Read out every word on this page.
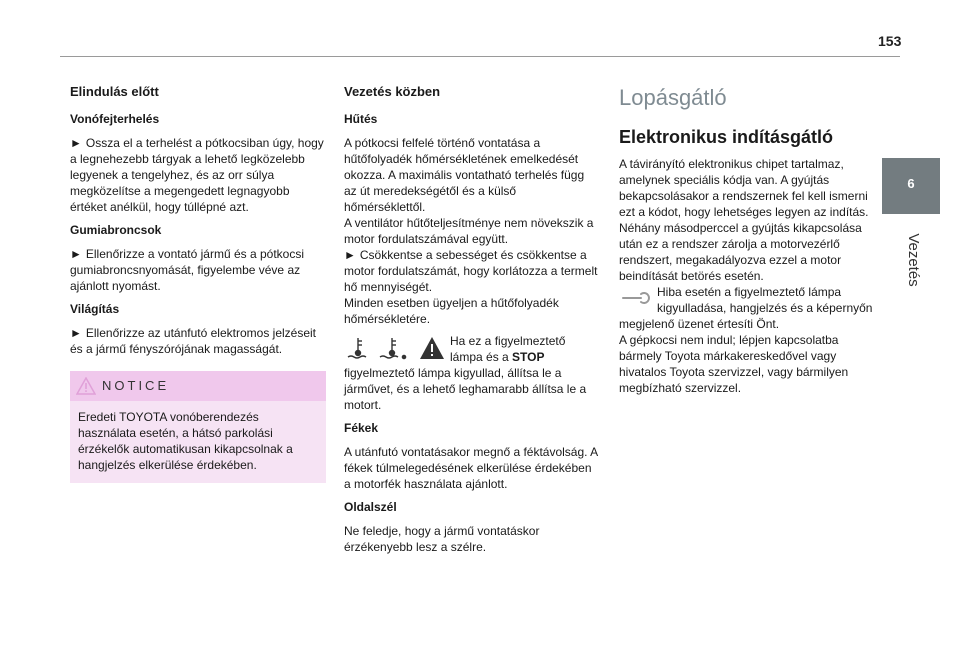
153
6
Vezetés
Elindulás előtt
Vonófejterhelés

► Ossza el a terhelést a pótkocsiban úgy, hogy a legnehezebb tárgyak a lehető legközelebb legyenek a tengelyhez, és az orr súlya megközelítse a megengedett legnagyobb értéket anélkül, hogy túllépné azt.

Gumiabroncsok

► Ellenőrizze a vontató jármű és a pótkocsi gumiabroncsnyomását, figyelembe véve az ajánlott nyomást.

Világítás

► Ellenőrizze az utánfutó elektromos jelzéseit és a jármű fényszórójának magasságát.

NOTICE
Eredeti TOYOTA vonóberendezés használata esetén, a hátsó parkolási érzékelők automatikusan kikapcsolnak a hangjelzés elkerülése érdekében.
Vezetés közben
Hűtés
A pótkocsi felfelé történő vontatása a hűtőfolyadék hőmérsékletének emelkedését okozza. A maximális vontatható terhelés függ az út meredekségétől és a külső hőmérséklettől.
A ventilátor hűtőteljesítménye nem növekszik a motor fordulatszámával együtt.
► Csökkentse a sebességet és csökkentse a motor fordulatszámát, hogy korlátozza a termelt hő mennyiségét.
Minden esetben ügyeljen a hűtőfolyadék hőmérsékletére.
Ha ez a figyelmeztető lámpa és a STOP figyelmeztető lámpa kigyullad, állítsa le a járművet, és a lehető leghamarabb állítsa le a motort.
Fékek

A utánfutó vontatásakor megnő a féktávolság. A fékek túlmelegedésének elkerülése érdekében a motorfék használata ajánlott.

Oldalszél

Ne feledje, hogy a jármű vontatáskor érzékenyebb lesz a szélre.

Lopásgátló
Elektronikus indításgátló
A távirányító elektronikus chipet tartalmaz, amelynek speciális kódja van. A gyújtás bekapcsolásakor a rendszernek fel kell ismerni ezt a kódot, hogy lehetséges legyen az indítás.
Néhány másodperccel a gyújtás kikapcsolása után ez a rendszer zárolja a motorvezérlő rendszert, megakadályozva ezzel a motor beindítását betörés esetén.
Hiba esetén a figyelmeztető lámpa kigyulladása, hangjelzés és a képernyőn megjelenő üzenet értesíti Önt.
A gépkocsi nem indul; lépjen kapcsolatba bármely Toyota márkakereskedővel vagy hivatalos Toyota szervizzel, vagy bármilyen megbízható szervizzel.
